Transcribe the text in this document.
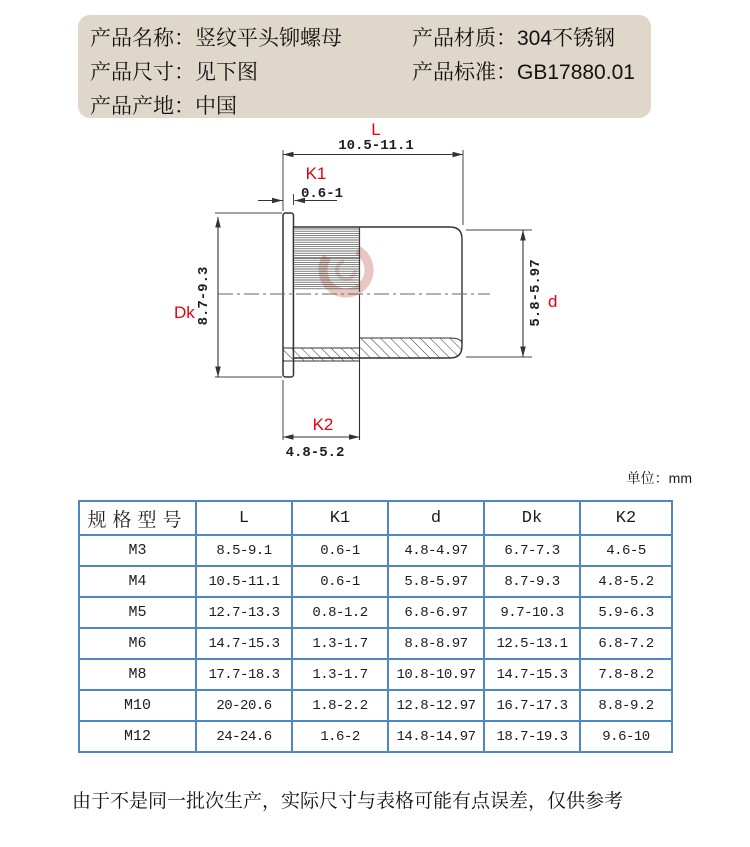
产品名称：竖纹平头铆螺母	产品材质：304不锈钢
产品尺寸：见下图	产品标准：GB17880.01
产品产地：中国
L
10.5-11.1
K1
0.6-1
8.7-9.3
Dk	5.8-5.97 d
K2
4.8-5.2
单位：mm
规格型号	L	K1	d	Dk	K2
M3	8.5-9.1	0.6-1	4.8-4.97	6.7-7.3	4.6-5
M4	10.5-11.1	0.6-1	5.8-5.97	8.7-9.3	4.8-5.2
M5	12.7-13.3	0.8-1.2	6.8-6.97	9.7-10.3	5.9-6.3
M6	14.7-15.3	1.3-1.7	8.8-8.97	12.5-13.1	6.8-7.2
M8	17.7-18.3	1.3-1.7	10.8-10.97	14.7-15.3	7.8-8.2
M10	20-20.6	1.8-2.2	12.8-12.97	16.7-17.3	8.8-9.2
M12	24-24.6	1.6-2	14.8-14.97	18.7-19.3	9.6-10
由于不是同一批次生产，实际尺寸与表格可能有点误差，仅供参考
